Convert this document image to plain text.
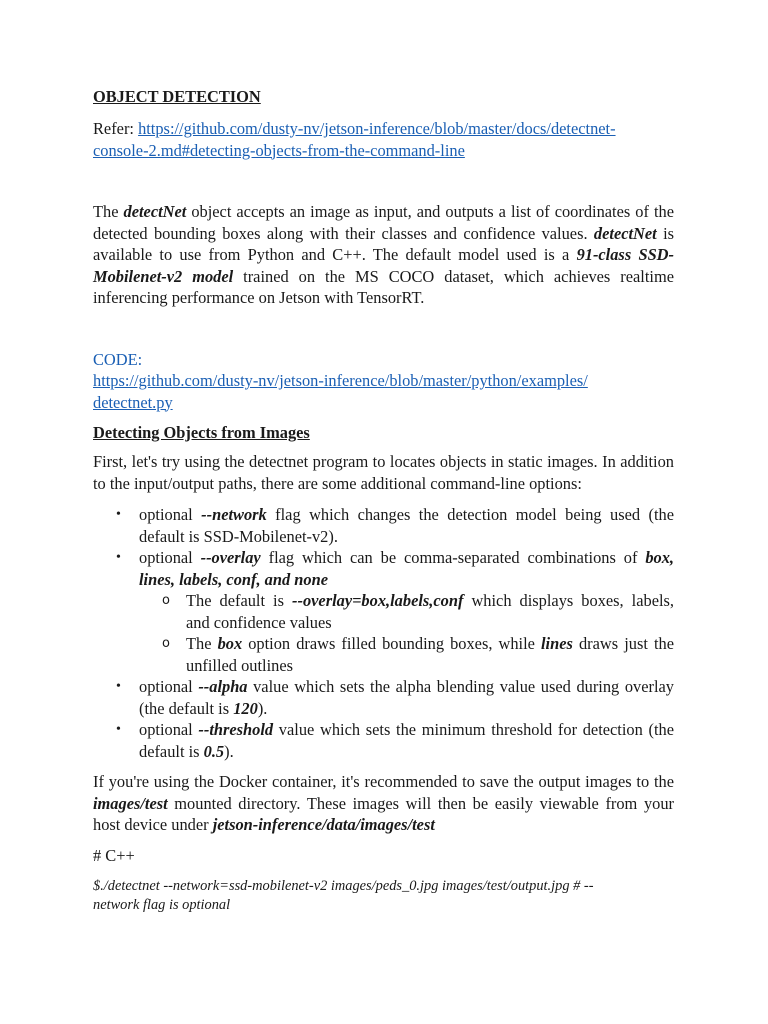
OBJECT DETECTION

Refer: https://github.com/dusty-nv/jetson-inference/blob/master/docs/detectnet-
console-2.md#detecting-objects-from-the-command-line

The detectNet object accepts an image as input, and outputs a list of coordinates of the detected bounding boxes along with their classes and confidence values. detectNet is available to use from Python and C++. The default model used is a 91-class SSD-Mobilenet-v2 model trained on the MS COCO dataset, which achieves realtime inferencing performance on Jetson with TensorRT.

CODE:
https://github.com/dusty-nv/jetson-inference/blob/master/python/examples/
detectnet.py

Detecting Objects from Images

First, let's try using the detectnet program to locates objects in static images. In addition to the input/output paths, there are some additional command-line options:

• optional --network flag which changes the detection model being used (the default is SSD-Mobilenet-v2).
• optional --overlay flag which can be comma-separated combinations of box, lines, labels, conf, and none
o The default is --overlay=box,labels,conf which displays boxes, labels, and confidence values
o The box option draws filled bounding boxes, while lines draws just the unfilled outlines
• optional --alpha value which sets the alpha blending value used during overlay (the default is 120).
• optional --threshold value which sets the minimum threshold for detection (the default is 0.5).

If you're using the Docker container, it's recommended to save the output images to the images/test mounted directory. These images will then be easily viewable from your host device under jetson-inference/data/images/test

# C++

$./detectnet --network=ssd-mobilenet-v2 images/peds_0.jpg images/test/output.jpg # --
network flag is optional
